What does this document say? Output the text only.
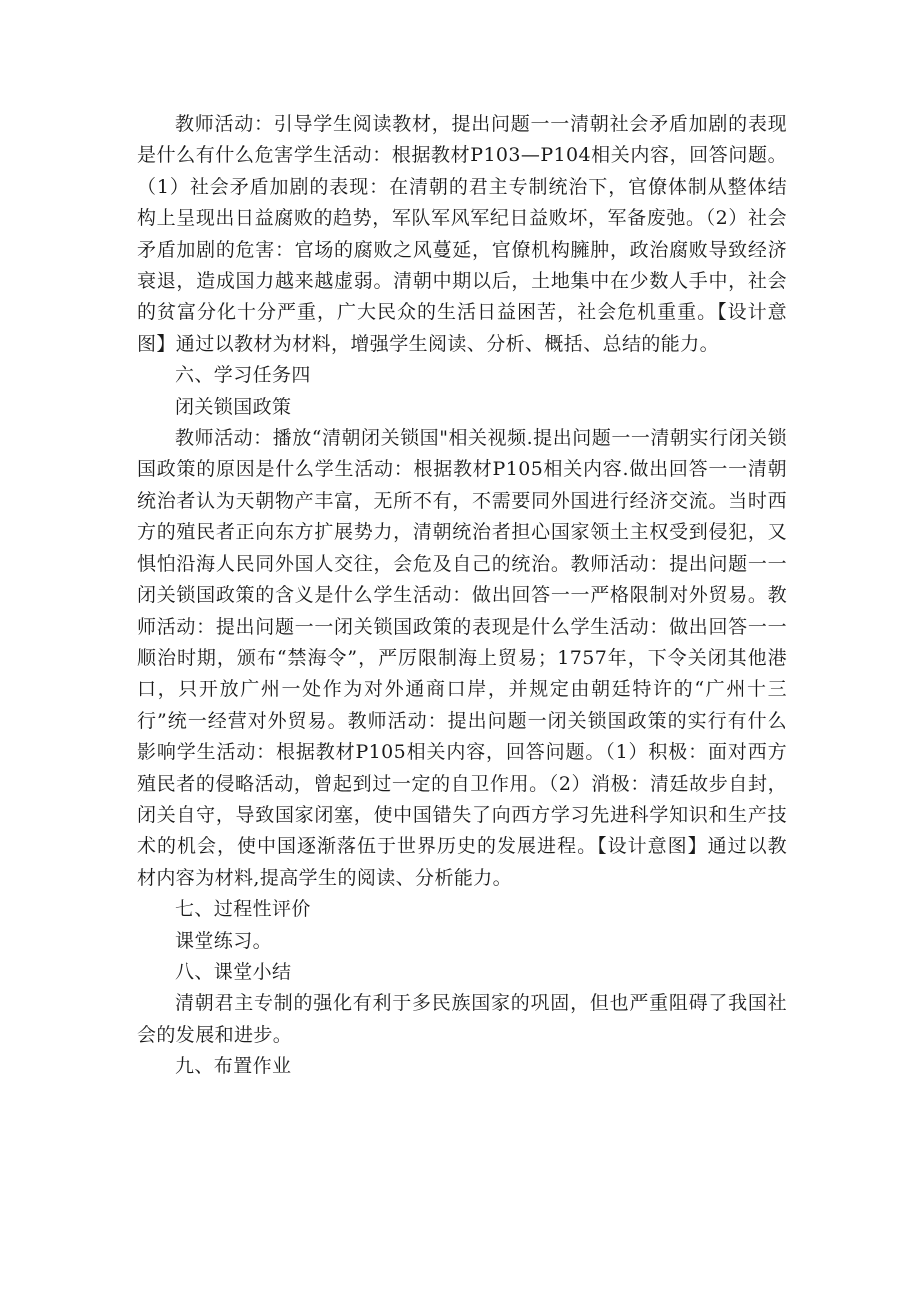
教师活动：引导学生阅读教材，提出问题一一清朝社会矛盾加剧的表现是什么有什么危害学生活动：根据教材P103—P104相关内容，回答问题。（1）社会矛盾加剧的表现：在清朝的君主专制统治下，官僚体制从整体结构上呈现出日益腐败的趋势，军队军风军纪日益败坏，军备废弛。（2）社会矛盾加剧的危害：官场的腐败之风蔓延，官僚机构臃肿，政治腐败导致经济衰退，造成国力越来越虚弱。清朝中期以后，土地集中在少数人手中，社会的贫富分化十分严重，广大民众的生活日益困苦，社会危机重重。【设计意图】通过以教材为材料，增强学生阅读、分析、概括、总结的能力。

六、学习任务四

闭关锁国政策

教师活动：播放“清朝闭关锁国"相关视频.提出问题一一清朝实行闭关锁国政策的原因是什么学生活动：根据教材P105相关内容.做出回答一一清朝统治者认为天朝物产丰富，无所不有，不需要同外国进行经济交流。当时西方的殖民者正向东方扩展势力，清朝统治者担心国家领土主权受到侵犯，又惧怕沿海人民同外国人交往，会危及自己的统治。教师活动：提出问题一一闭关锁国政策的含义是什么学生活动：做出回答一一严格限制对外贸易。教师活动：提出问题一一闭关锁国政策的表现是什么学生活动：做出回答一一顺治时期，颁布“禁海令”，严厉限制海上贸易；1757年，下令关闭其他港口，只开放广州一处作为对外通商口岸，并规定由朝廷特许的“广州十三行”统一经营对外贸易。教师活动：提出问题一闭关锁国政策的实行有什么影响学生活动：根据教材P105相关内容，回答问题。（1）积极：面对西方殖民者的侵略活动，曾起到过一定的自卫作用。（2）消极：清廷故步自封，闭关自守，导致国家闭塞，使中国错失了向西方学习先进科学知识和生产技术的机会，使中国逐渐落伍于世界历史的发展进程。【设计意图】通过以教材内容为材料,提高学生的阅读、分析能力。

七、过程性评价

课堂练习。

八、课堂小结

清朝君主专制的强化有利于多民族国家的巩固，但也严重阻碍了我国社会的发展和进步。

九、布置作业
